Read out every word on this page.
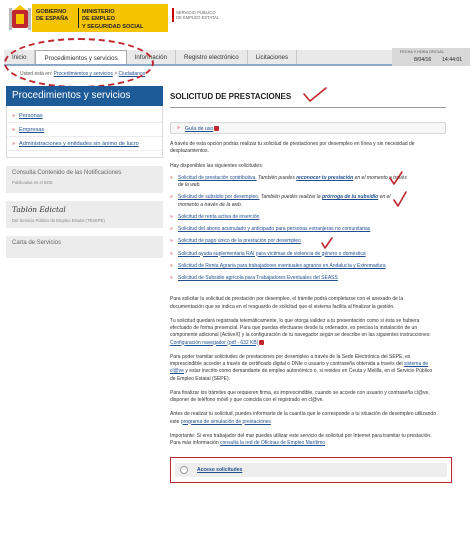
GOBIERNO
DE ESPAÑA
MINISTERIO
DE EMPLEO
Y SEGURIDAD SOCIAL
SERVICIO PÚBLICO
DE EMPLEO ESTATAL
Inicio	Procedimientos y servicios	Información	Registro electrónico	Licitaciones
FECHA Y HORA OFICIAL
8/04/16 14:44:01
Usted está en: Procedimientos y servicios > Ciudadanos
Procedimientos y servicios
» Personas
» Empresas
» Administraciones y entidades sin ánimo de lucro
Consulta Contenido de las Notificaciones
Publicadas en el BOE
Tablón Edictal
Del Servicio Público de Empleo Estatal (TESEPE)
Carta de Servicios
SOLICITUD DE PRESTACIONES
» Guía de uso
A través de esta opción podrás realizar tu solicitud de prestaciones por desempleo en línea y sin necesidad de desplazamientos.
Hay disponibles las siguientes solicitudes:
» Solicitud de prestación contributiva. También puedes reconocer tu prestación en el momento a través de la web.
» Solicitud de subsidio por desempleo. También puedes realizar la prórroga de tu subsidio en el momento a través de la web.
» Solicitud de renta activa de inserción
» Solicitud del abono acumulado y anticipado para personas extranjeras no comunitarias
» Solicitud de pago único de la prestación por desempleo
» Solicitud ayuda suplementaria RAI para víctimas de violencia de género o doméstica
» Solicitud de Renta Agraria para trabajadores eventuales agrarios en Andalucía y Extremadura
» Solicitud de Subsidio agrícola para Trabajadores Eventuales del SEASS
Para solicitar la solicitud de prestación por desempleo, el trámite podrá completarse con el anexado de la documentación que se indica en el resguardo de solicitud que el sistema facilita al finalizar la gestión.
Tu solicitud quedará registrada telemáticamente, lo que otorga validez a tu presentación como si ésta se hubiera efectuado de forma presencial. Para que puedas efectuarse desde tu ordenador, es precisa la instalación de un componente adicional (ActiveX) y la configuración de tu navegador según se describe en las siguientes instrucciones: Configuración navegador (pdf - 632 KB)
Para poder tramitar solicitudes de prestaciones por desempleo a través de la Sede Electrónica del SEPE, es imprescindible acceder a través de certificado digital o DNIe o usuario y contraseña obtenida a través del sistema de cl@ve y estar inscrito como demandante de empleo autonómico o, si resides en Ceuta y Melilla, en el Servicio Público de Empleo Estatal (SEPE).
Para finalizar los trámites que requieren firma, es imprescindible, cuando se accede con usuario y contraseña cl@ve, disponer de teléfono móvil y que coincida con el registrado en cl@ve.
Antes de realizar tu solicitud, puedes informarte de la cuantía que le corresponde a tu situación de desempleo utilizando este programa de simulación de prestaciones
Importante: Si eres trabajador del mar puedes utilizar este servicio de solicitud por Internet para tramitar tu prestación. Para más información consulta la red de Oficinas de Empleo Marítimo
Acceso solicitudes
